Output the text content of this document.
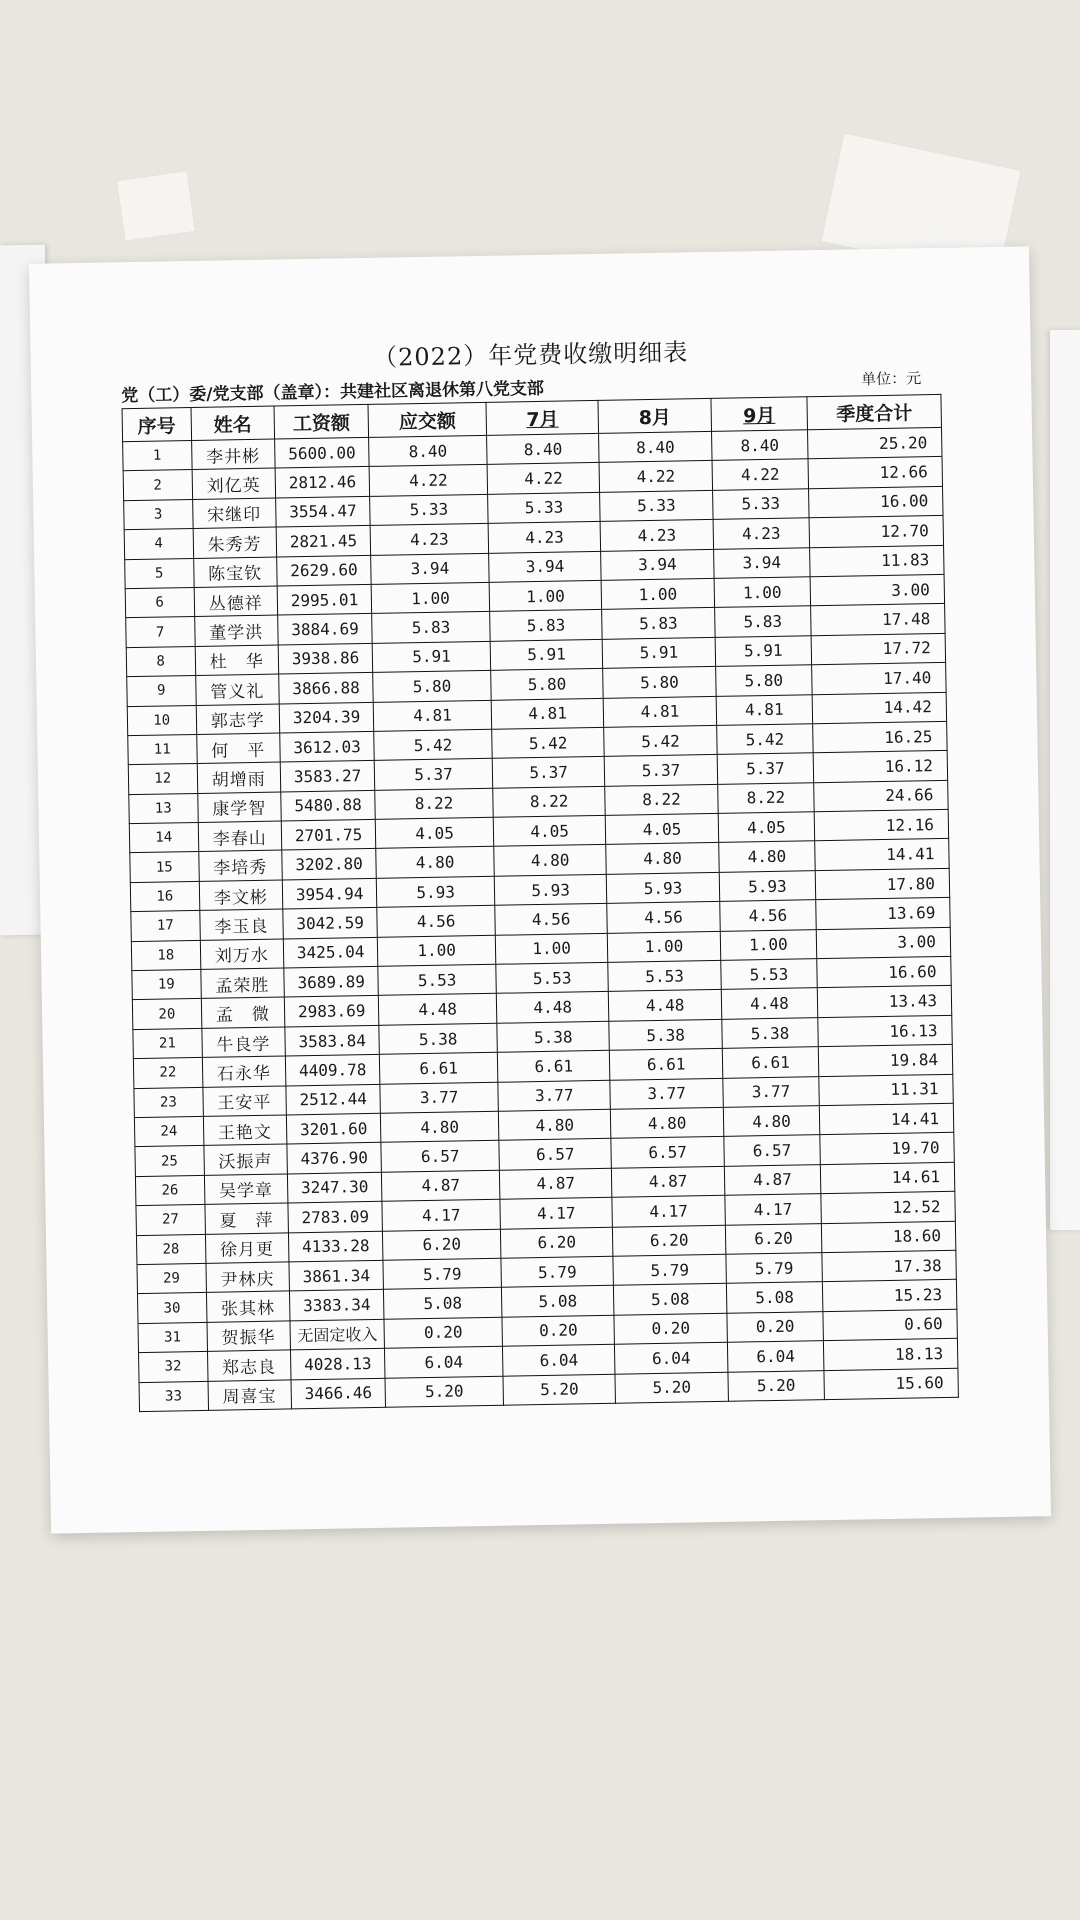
（2022）年党费收缴明细表
党（工）委/党支部（盖章）：共建社区离退休第八党支部
单位：元
序号	姓名	工资额	应交额	7月	8月	9月	季度合计
1	李井彬	5600.00	8.40	8.40	8.40	8.40	25.20
2	刘亿英	2812.46	4.22	4.22	4.22	4.22	12.66
3	宋继印	3554.47	5.33	5.33	5.33	5.33	16.00
4	朱秀芳	2821.45	4.23	4.23	4.23	4.23	12.70
5	陈宝钦	2629.60	3.94	3.94	3.94	3.94	11.83
6	丛德祥	2995.01	1.00	1.00	1.00	1.00	3.00
7	董学洪	3884.69	5.83	5.83	5.83	5.83	17.48
8	杜　华	3938.86	5.91	5.91	5.91	5.91	17.72
9	管义礼	3866.88	5.80	5.80	5.80	5.80	17.40
10	郭志学	3204.39	4.81	4.81	4.81	4.81	14.42
11	何　平	3612.03	5.42	5.42	5.42	5.42	16.25
12	胡增雨	3583.27	5.37	5.37	5.37	5.37	16.12
13	康学智	5480.88	8.22	8.22	8.22	8.22	24.66
14	李春山	2701.75	4.05	4.05	4.05	4.05	12.16
15	李培秀	3202.80	4.80	4.80	4.80	4.80	14.41
16	李文彬	3954.94	5.93	5.93	5.93	5.93	17.80
17	李玉良	3042.59	4.56	4.56	4.56	4.56	13.69
18	刘万水	3425.04	1.00	1.00	1.00	1.00	3.00
19	孟荣胜	3689.89	5.53	5.53	5.53	5.53	16.60
20	孟　微	2983.69	4.48	4.48	4.48	4.48	13.43
21	牛良学	3583.84	5.38	5.38	5.38	5.38	16.13
22	石永华	4409.78	6.61	6.61	6.61	6.61	19.84
23	王安平	2512.44	3.77	3.77	3.77	3.77	11.31
24	王艳文	3201.60	4.80	4.80	4.80	4.80	14.41
25	沃振声	4376.90	6.57	6.57	6.57	6.57	19.70
26	吴学章	3247.30	4.87	4.87	4.87	4.87	14.61
27	夏　萍	2783.09	4.17	4.17	4.17	4.17	12.52
28	徐月更	4133.28	6.20	6.20	6.20	6.20	18.60
29	尹林庆	3861.34	5.79	5.79	5.79	5.79	17.38
30	张其林	3383.34	5.08	5.08	5.08	5.08	15.23
31	贺振华	无固定收入	0.20	0.20	0.20	0.20	0.60
32	郑志良	4028.13	6.04	6.04	6.04	6.04	18.13
33	周喜宝	3466.46	5.20	5.20	5.20	5.20	15.60
